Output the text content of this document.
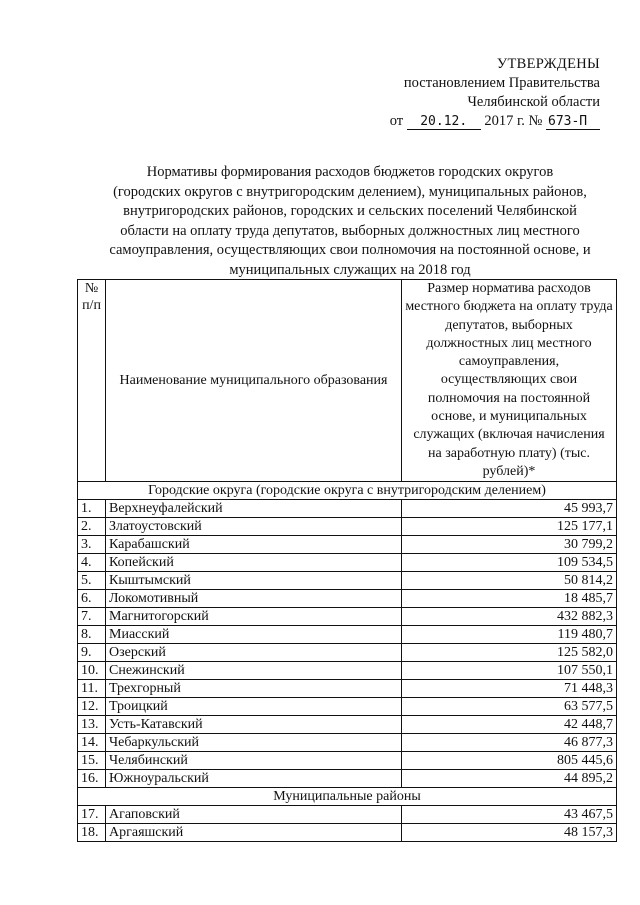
УТВЕРЖДЕНЫ
постановлением Правительства
Челябинской области
от 20.12. 2017 г. № 673-П
Нормативы формирования расходов бюджетов городских округов
(городских округов с внутригородским делением), муниципальных районов,
внутригородских районов, городских и сельских поселений Челябинской
области на оплату труда депутатов, выборных должностных лиц местного
самоуправления, осуществляющих свои полномочия на постоянной основе, и
муниципальных служащих на 2018 год
№ п/п	Наименование муниципального образования	Размер норматива расходов местного бюджета на оплату труда депутатов, выборных должностных лиц местного самоуправления, осуществляющих свои полномочия на постоянной основе, и муниципальных служащих (включая начисления на заработную плату) (тыс. рублей)*
Городские округа (городские округа с внутригородским делением)		
1.	Верхнеуфалейский	45 993,7
2.	Златоустовский	125 177,1
3.	Карабашский	30 799,2
4.	Копейский	109 534,5
5.	Кыштымский	50 814,2
6.	Локомотивный	18 485,7
7.	Магнитогорский	432 882,3
8.	Миасский	119 480,7
9.	Озерский	125 582,0
10.	Снежинский	107 550,1
11.	Трехгорный	71 448,3
12.	Троицкий	63 577,5
13.	Усть-Катавский	42 448,7
14.	Чебаркульский	46 877,3
15.	Челябинский	805 445,6
16.	Южноуральский	44 895,2
Муниципальные районы		
17.	Агаповский	43 467,5
18.	Аргаяшский	48 157,3
